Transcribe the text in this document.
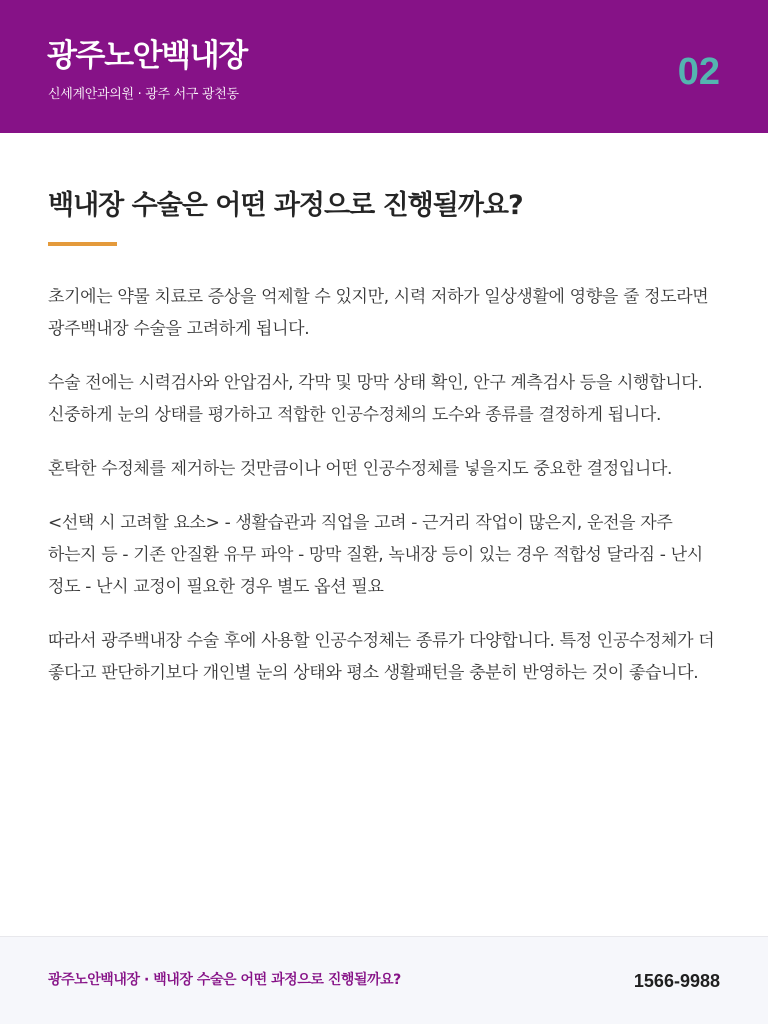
광주노안백내장
신세계안과의원 · 광주 서구 광천동
02
백내장 수술은 어떤 과정으로 진행될까요?

초기에는 약물 치료로 증상을 억제할 수 있지만, 시력 저하가 일상생활에 영향을 줄 정도라면 광주백내장 수술을 고려하게 됩니다.

수술 전에는 시력검사와 안압검사, 각막 및 망막 상태 확인, 안구 계측검사 등을 시행합니다. 신중하게 눈의 상태를 평가하고 적합한 인공수정체의 도수와 종류를 결정하게 됩니다.

혼탁한 수정체를 제거하는 것만큼이나 어떤 인공수정체를 넣을지도 중요한 결정입니다.

<선택 시 고려할 요소> - 생활습관과 직업을 고려 - 근거리 작업이 많은지, 운전을 자주 하는지 등 - 기존 안질환 유무 파악 - 망막 질환, 녹내장 등이 있는 경우 적합성 달라짐 - 난시 정도 - 난시 교정이 필요한 경우 별도 옵션 필요

따라서 광주백내장 수술 후에 사용할 인공수정체는 종류가 다양합니다. 특정 인공수정체가 더 좋다고 판단하기보다 개인별 눈의 상태와 평소 생활패턴을 충분히 반영하는 것이 좋습니다.

광주노안백내장 · 백내장 수술은 어떤 과정으로 진행될까요?	1566-9988
